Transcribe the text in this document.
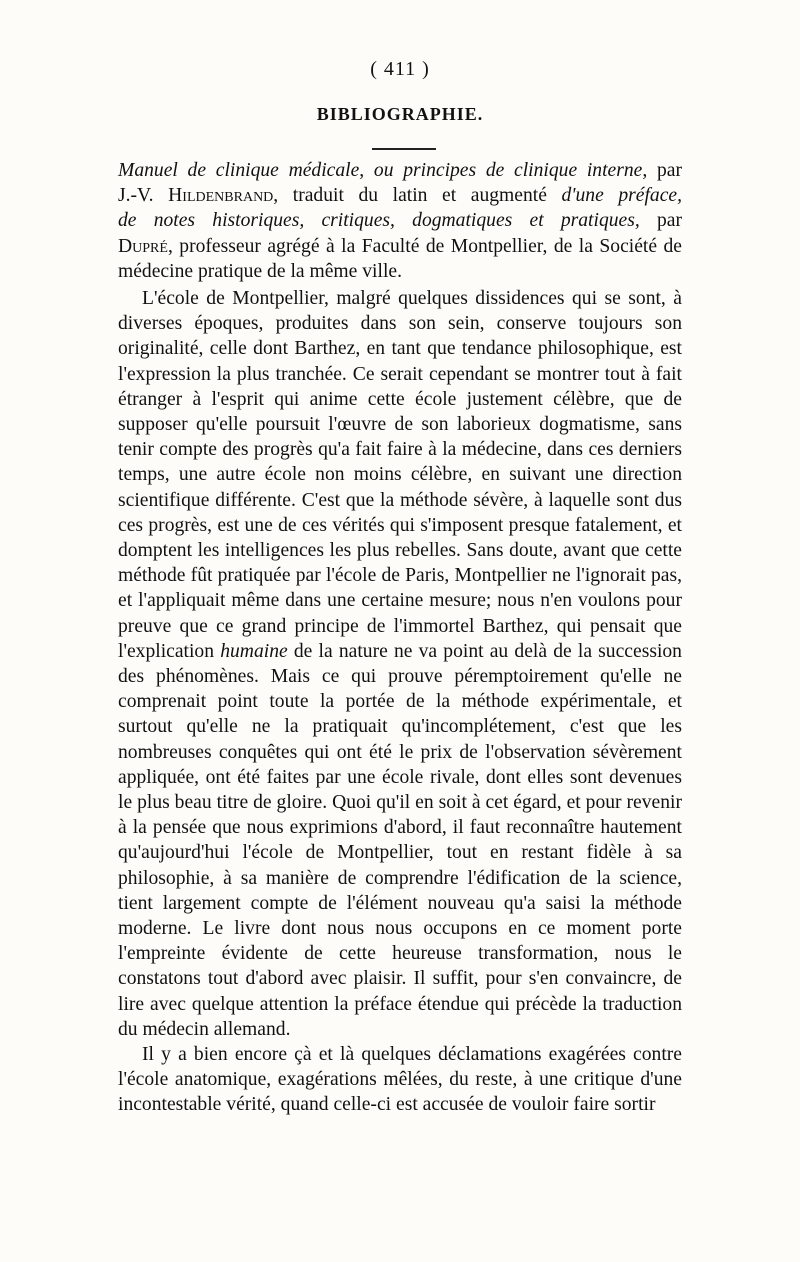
( 411 )
BIBLIOGRAPHIE.
Manuel de clinique médicale, ou principes de clinique interne, par
J.-V. Hildenbrand, traduit du latin et augmenté d'une préface,
de notes historiques, critiques, dogmatiques et pratiques, par
Dupré, professeur agrégé à la Faculté de Montpellier, de la Société de médecine pratique de la même ville.
L'école de Montpellier, malgré quelques dissidences qui se sont, à diverses époques, produites dans son sein, conserve toujours son originalité, celle dont Barthez, en tant que tendance philosophique, est l'expression la plus tranchée. Ce serait cependant se montrer tout à fait étranger à l'esprit qui anime cette école justement célèbre, que de supposer qu'elle poursuit l'œuvre de son laborieux dogmatisme, sans tenir compte des progrès qu'a fait faire à la médecine, dans ces derniers temps, une autre école non moins célèbre, en suivant une direction scientifique différente. C'est que la méthode sévère, à laquelle sont dus ces progrès, est une de ces vérités qui s'imposent presque fatalement, et domptent les intelligences les plus rebelles. Sans doute, avant que cette méthode fût pratiquée par l'école de Paris, Montpellier ne l'ignorait pas, et l'appliquait même dans une certaine mesure; nous n'en voulons pour preuve que ce grand principe de l'immortel Barthez, qui pensait que l'explication humaine de la nature ne va point au delà de la succession des phénomènes. Mais ce qui prouve péremptoirement qu'elle ne comprenait point toute la portée de la méthode expérimentale, et surtout qu'elle ne la pratiquait qu'incomplétement, c'est que les nombreuses conquêtes qui ont été le prix de l'observation sévèrement appliquée, ont été faites par une école rivale, dont elles sont devenues le plus beau titre de gloire. Quoi qu'il en soit à cet égard, et pour revenir à la pensée que nous exprimions d'abord, il faut reconnaître hautement qu'aujourd'hui l'école de Montpellier, tout en restant fidèle à sa philosophie, à sa manière de comprendre l'édification de la science, tient largement compte de l'élément nouveau qu'a saisi la méthode moderne. Le livre dont nous nous occupons en ce moment porte l'empreinte évidente de cette heureuse transformation, nous le constatons tout d'abord avec plaisir. Il suffit, pour s'en convaincre, de lire avec quelque attention la préface étendue qui précède la traduction du médecin allemand.
Il y a bien encore çà et là quelques déclamations exagérées contre l'école anatomique, exagérations mêlées, du reste, à une critique d'une incontestable vérité, quand celle-ci est accusée de vouloir faire sortir
